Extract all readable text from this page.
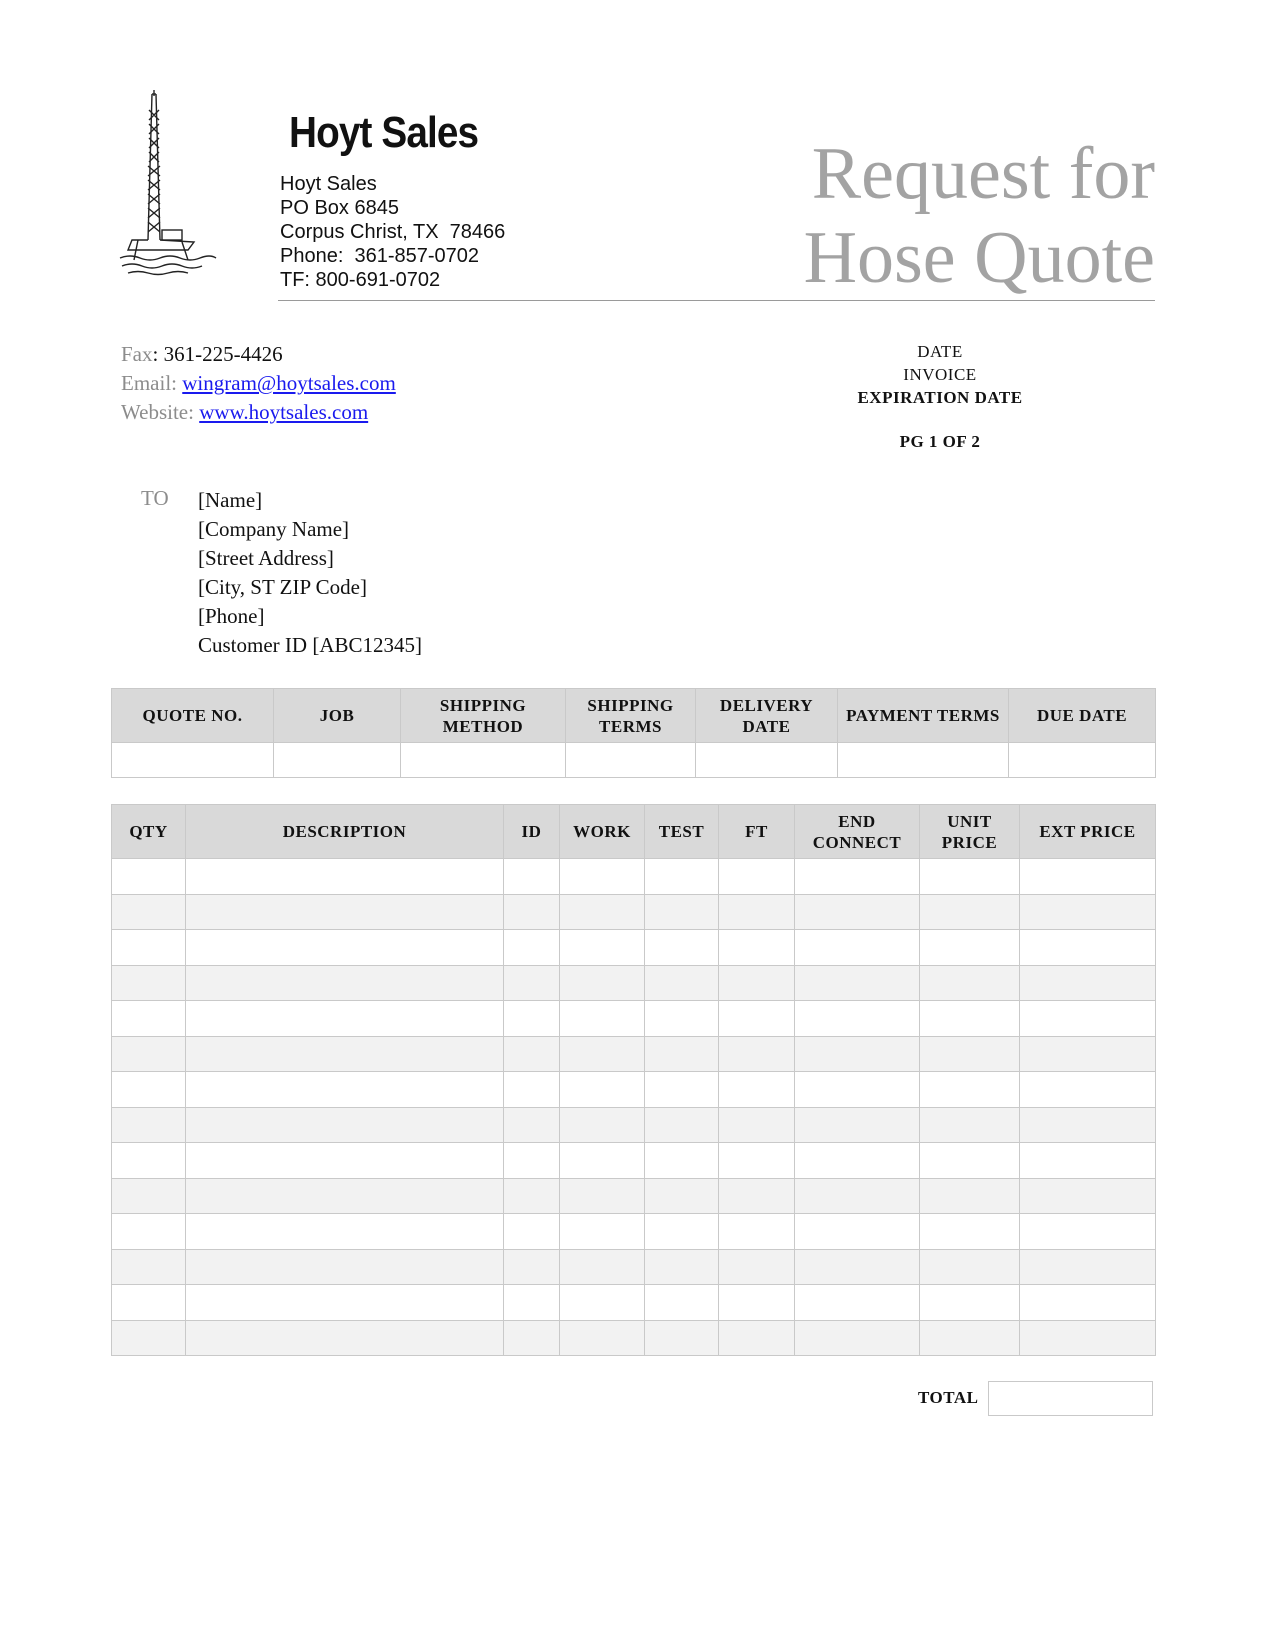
Hoyt Sales
Hoyt Sales
PO Box 6845
Corpus Christ, TX  78466
Phone:  361-857-0702
TF: 800-691-0702
Request for
Hose Quote
Fax: 361-225-4426
Email: wingram@hoytsales.com
Website: www.hoytsales.com
DATE
INVOICE
EXPIRATION DATE
PG 1 OF 2
TO [Name]
[Company Name]
[Street Address]
[City, ST ZIP Code]
[Phone]
Customer ID [ABC12345]
QUOTE NO.	JOB	SHIPPING METHOD	SHIPPING TERMS	DELIVERY DATE	PAYMENT TERMS	DUE DATE

QTY	DESCRIPTION	ID	WORK	TEST	FT	END CONNECT	UNIT PRICE	EXT PRICE

TOTAL
